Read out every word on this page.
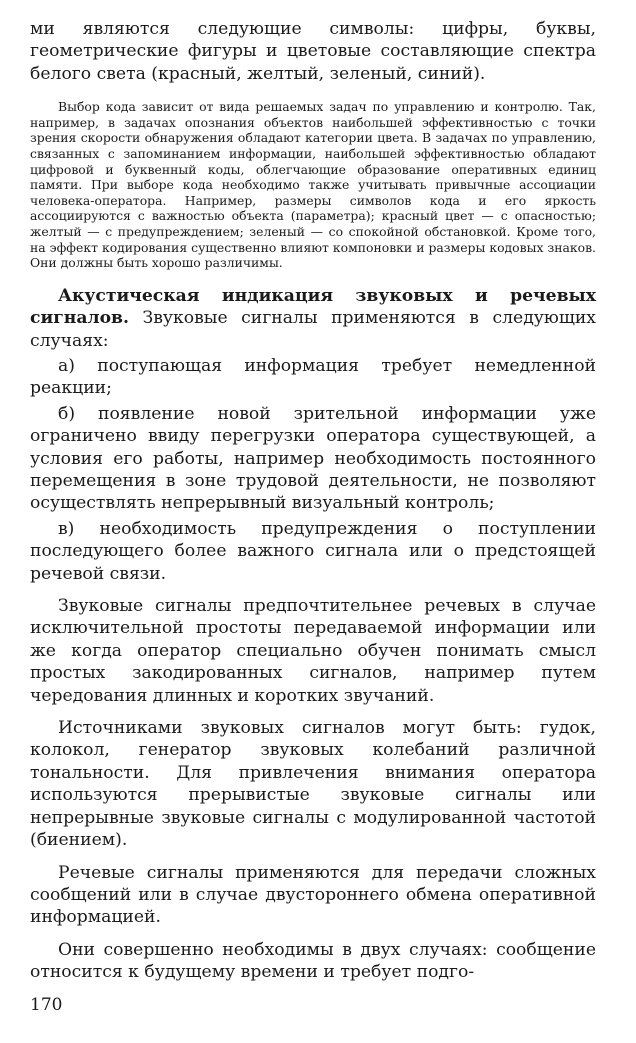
ми являются следующие символы: цифры, буквы, геометрические фигуры и цветовые составляющие спектра белого света (красный, желтый, зеленый, синий).

Выбор кода зависит от вида решаемых задач по управлению и контролю. Так, например, в задачах опознания объектов наибольшей эффективностью с точки зрения скорости обнаружения обладают категории цвета. В задачах по управлению, связанных с запоминанием информации, наибольшей эффективностью обладают цифровой и буквенный коды, облегчающие образование оперативных единиц памяти. При выборе кода необходимо также учитывать привычные ассоциации человека-оператора. Например, размеры символов кода и его яркость ассоциируются с важностью объекта (параметра); красный цвет — с опасностью; желтый — с предупреждением; зеленый — со спокойной обстановкой. Кроме того, на эффект кодирования существенно влияют компоновки и размеры кодовых знаков. Они должны быть хорошо различимы.

Акустическая индикация звуковых и речевых сигналов. Звуковые сигналы применяются в следующих случаях:

а) поступающая информация требует немедленной реакции;

б) появление новой зрительной информации уже ограничено ввиду перегрузки оператора существующей, а условия его работы, например необходимость постоянного перемещения в зоне трудовой деятельности, не позволяют осуществлять непрерывный визуальный контроль;

в) необходимость предупреждения о поступлении последующего более важного сигнала или о предстоящей речевой связи.

Звуковые сигналы предпочтительнее речевых в случае исключительной простоты передаваемой информации или же когда оператор специально обучен понимать смысл простых закодированных сигналов, например путем чередования длинных и коротких звучаний.

Источниками звуковых сигналов могут быть: гудок, колокол, генератор звуковых колебаний различной тональности. Для привлечения внимания оператора используются прерывистые звуковые сигналы или непрерывные звуковые сигналы с модулированной частотой (биением).

Речевые сигналы применяются для передачи сложных сообщений или в случае двустороннего обмена оперативной информацией.

Они совершенно необходимы в двух случаях: сообщение относится к будущему времени и требует подго-

170
